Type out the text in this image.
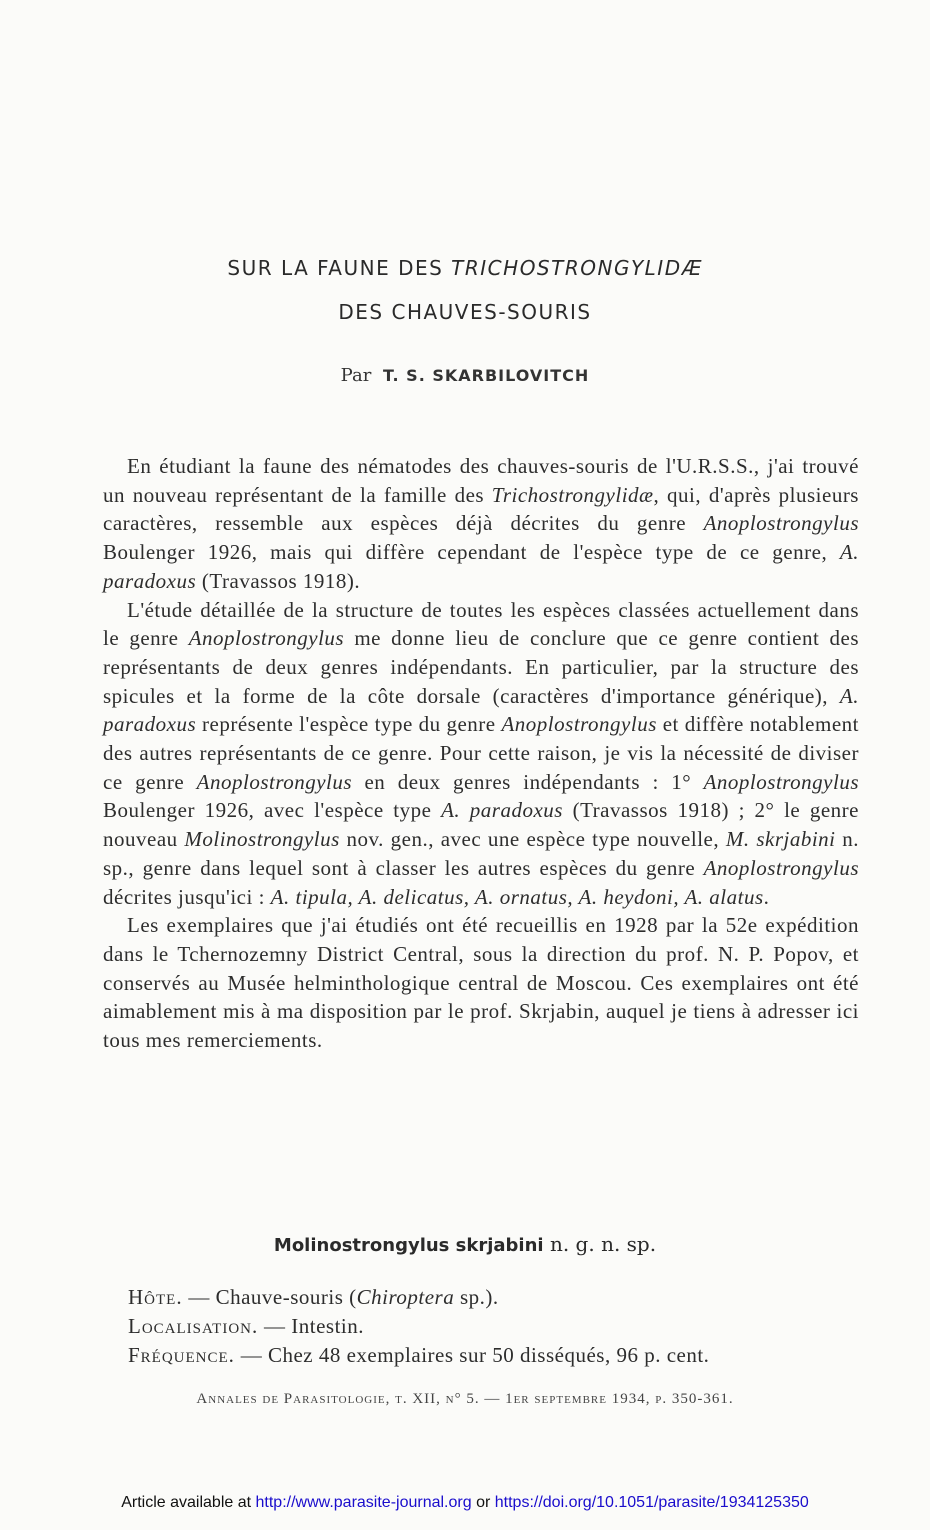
SUR LA FAUNE DES TRICHOSTRONGYLIDÆ
DES CHAUVES-SOURIS
Par T. S. SKARBILOVITCH

En étudiant la faune des nématodes des chauves-souris de l'U.R.S.S., j'ai trouvé un nouveau représentant de la famille des Trichostrongylidæ, qui, d'après plusieurs caractères, ressemble aux espèces déjà décrites du genre Anoplostrongylus Boulenger 1926, mais qui diffère cependant de l'espèce type de ce genre, A. paradoxus (Travassos 1918).

L'étude détaillée de la structure de toutes les espèces classées actuellement dans le genre Anoplostrongylus me donne lieu de conclure que ce genre contient des représentants de deux genres indépendants. En particulier, par la structure des spicules et la forme de la côte dorsale (caractères d'importance générique), A. paradoxus représente l'espèce type du genre Anoplostrongylus et diffère notablement des autres représentants de ce genre. Pour cette raison, je vis la nécessité de diviser ce genre Anoplostrongylus en deux genres indépendants : 1° Anoplostrongylus Boulenger 1926, avec l'espèce type A. paradoxus (Travassos 1918) ; 2° le genre nouveau Molinostrongylus nov. gen., avec une espèce type nouvelle, M. skrjabini n. sp., genre dans lequel sont à classer les autres espèces du genre Anoplostrongylus décrites jusqu'ici : A. tipula, A. delicatus, A. ornatus, A. heydoni, A. alatus.

Les exemplaires que j'ai étudiés ont été recueillis en 1928 par la 52e expédition dans le Tchernozemny District Central, sous la direction du prof. N. P. Popov, et conservés au Musée helminthologique central de Moscou. Ces exemplaires ont été aimablement mis à ma disposition par le prof. Skrjabin, auquel je tiens à adresser ici tous mes remerciements.

Molinostrongylus skrjabini n. g. n. sp.
Hôte. — Chauve-souris (Chiroptera sp.).
Localisation. — Intestin.
Fréquence. — Chez 48 exemplaires sur 50 disséqués, 96 p. cent.
Annales de Parasitologie, t. XII, n° 5. — 1er septembre 1934, p. 350-361.
Article available at http://www.parasite-journal.org or https://doi.org/10.1051/parasite/1934125350
